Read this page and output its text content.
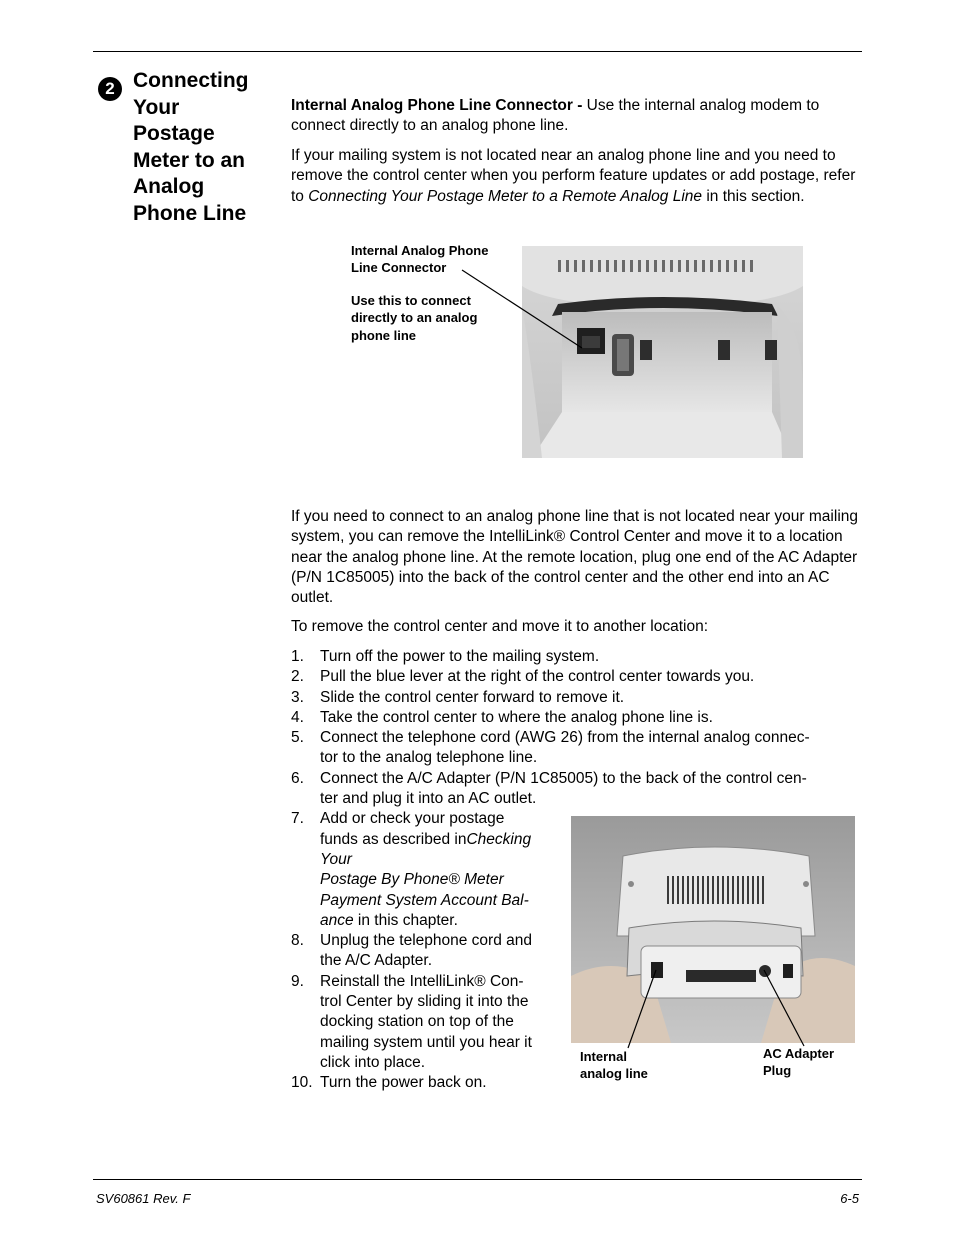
2 Connecting
Your
Postage
Meter to an
Analog
Phone Line

Internal Analog Phone Line Connector - Use the internal analog modem to connect directly to an analog phone line.

If your mailing system is not located near an analog phone line and you need to remove the control center when you perform feature updates or add postage, refer to Connecting Your Postage Meter to a Remote Analog Line in this section.

Internal Analog Phone
Line Connector
Use this to connect
directly to an analog
phone line

If you need to connect to an analog phone line that is not located near your mailing system, you can remove the IntelliLink® Control Center and move it to a location near the analog phone line. At the remote location, plug one end of the AC Adapter (P/N 1C85005) into the back of the control center and the other end into an AC outlet.

To remove the control center and move it to another location:

1. Turn off the power to the mailing system.
2. Pull the blue lever at the right of the control center towards you.
3. Slide the control center forward to remove it.
4. Take the control center to where the analog phone line is.
5. Connect the telephone cord (AWG 26) from the internal analog connec-
tor to the analog telephone line.
6. Connect the A/C Adapter (P/N 1C85005) to the back of the control cen-
ter and plug it into an AC outlet.
7. Add or check your postage
funds as described inChecking
Your
Postage By Phone® Meter
Payment System Account Bal-
ance in this chapter.
8. Unplug the telephone cord and
the A/C Adapter.
9. Reinstall the IntelliLink® Con-
trol Center by sliding it into the
docking station on top of the
mailing system until you hear it
click into place.
10. Turn the power back on.
Internal
analog line
AC Adapter
Plug
SV60861 Rev. F	6-5
